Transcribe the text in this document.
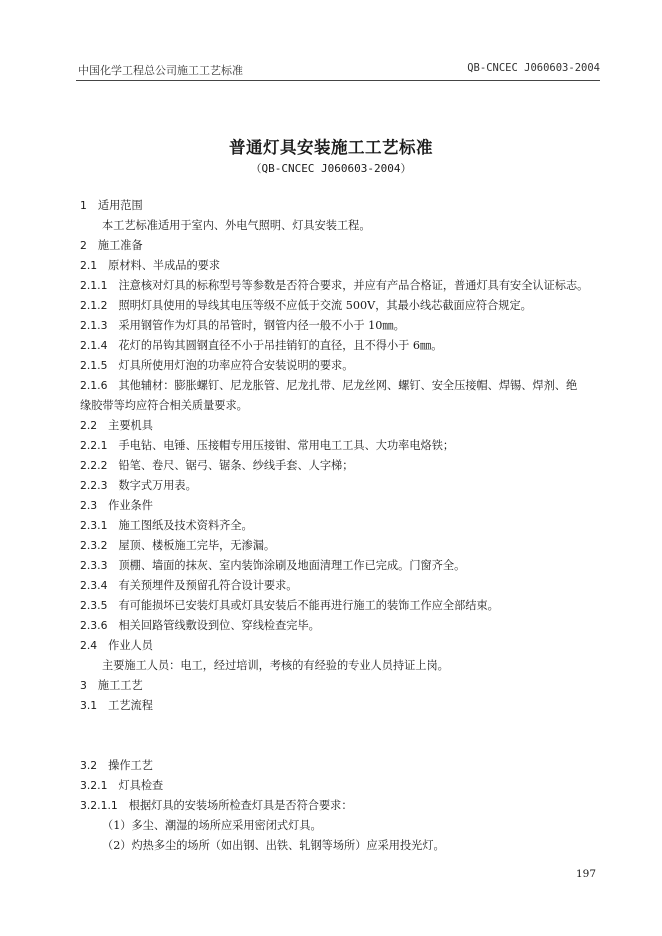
中国化学工程总公司施工工艺标准	QB-CNCEC J060603-2004
普通灯具安装施工工艺标准
（QB-CNCEC J060603-2004）
1 适用范围
本工艺标准适用于室内、外电气照明、灯具安装工程。
2 施工准备
2.1 原材料、半成品的要求
2.1.1 注意核对灯具的标称型号等参数是否符合要求，并应有产品合格证，普通灯具有安全认证标志。
2.1.2 照明灯具使用的导线其电压等级不应低于交流 500V，其最小线芯截面应符合规定。
2.1.3 采用钢管作为灯具的吊管时，钢管内径一般不小于 10㎜。
2.1.4 花灯的吊钩其圆钢直径不小于吊挂销钉的直径，且不得小于 6㎜。
2.1.5 灯具所使用灯泡的功率应符合安装说明的要求。
2.1.6 其他辅材：膨胀螺钉、尼龙胀管、尼龙扎带、尼龙丝网、螺钉、安全压接帽、焊锡、焊剂、绝
缘胶带等均应符合相关质量要求。
2.2 主要机具
2.2.1 手电钻、电锤、压接帽专用压接钳、常用电工工具、大功率电烙铁；
2.2.2 铅笔、卷尺、锯弓、锯条、纱线手套、人字梯；
2.2.3 数字式万用表。
2.3 作业条件
2.3.1 施工图纸及技术资料齐全。
2.3.2 屋顶、楼板施工完毕，无渗漏。
2.3.3 顶棚、墙面的抹灰、室内装饰涂刷及地面清理工作已完成。门窗齐全。
2.3.4 有关预埋件及预留孔符合设计要求。
2.3.5 有可能损坏已安装灯具或灯具安装后不能再进行施工的装饰工作应全部结束。
2.3.6 相关回路管线敷设到位、穿线检查完毕。
2.4 作业人员
主要施工人员：电工，经过培训，考核的有经验的专业人员持证上岗。
3 施工工艺
3.1 工艺流程
3.2 操作工艺
3.2.1 灯具检查
3.2.1.1 根据灯具的安装场所检查灯具是否符合要求：
（1）多尘、潮湿的场所应采用密闭式灯具。
（2）灼热多尘的场所（如出钢、出铁、轧钢等场所）应采用投光灯。
197
